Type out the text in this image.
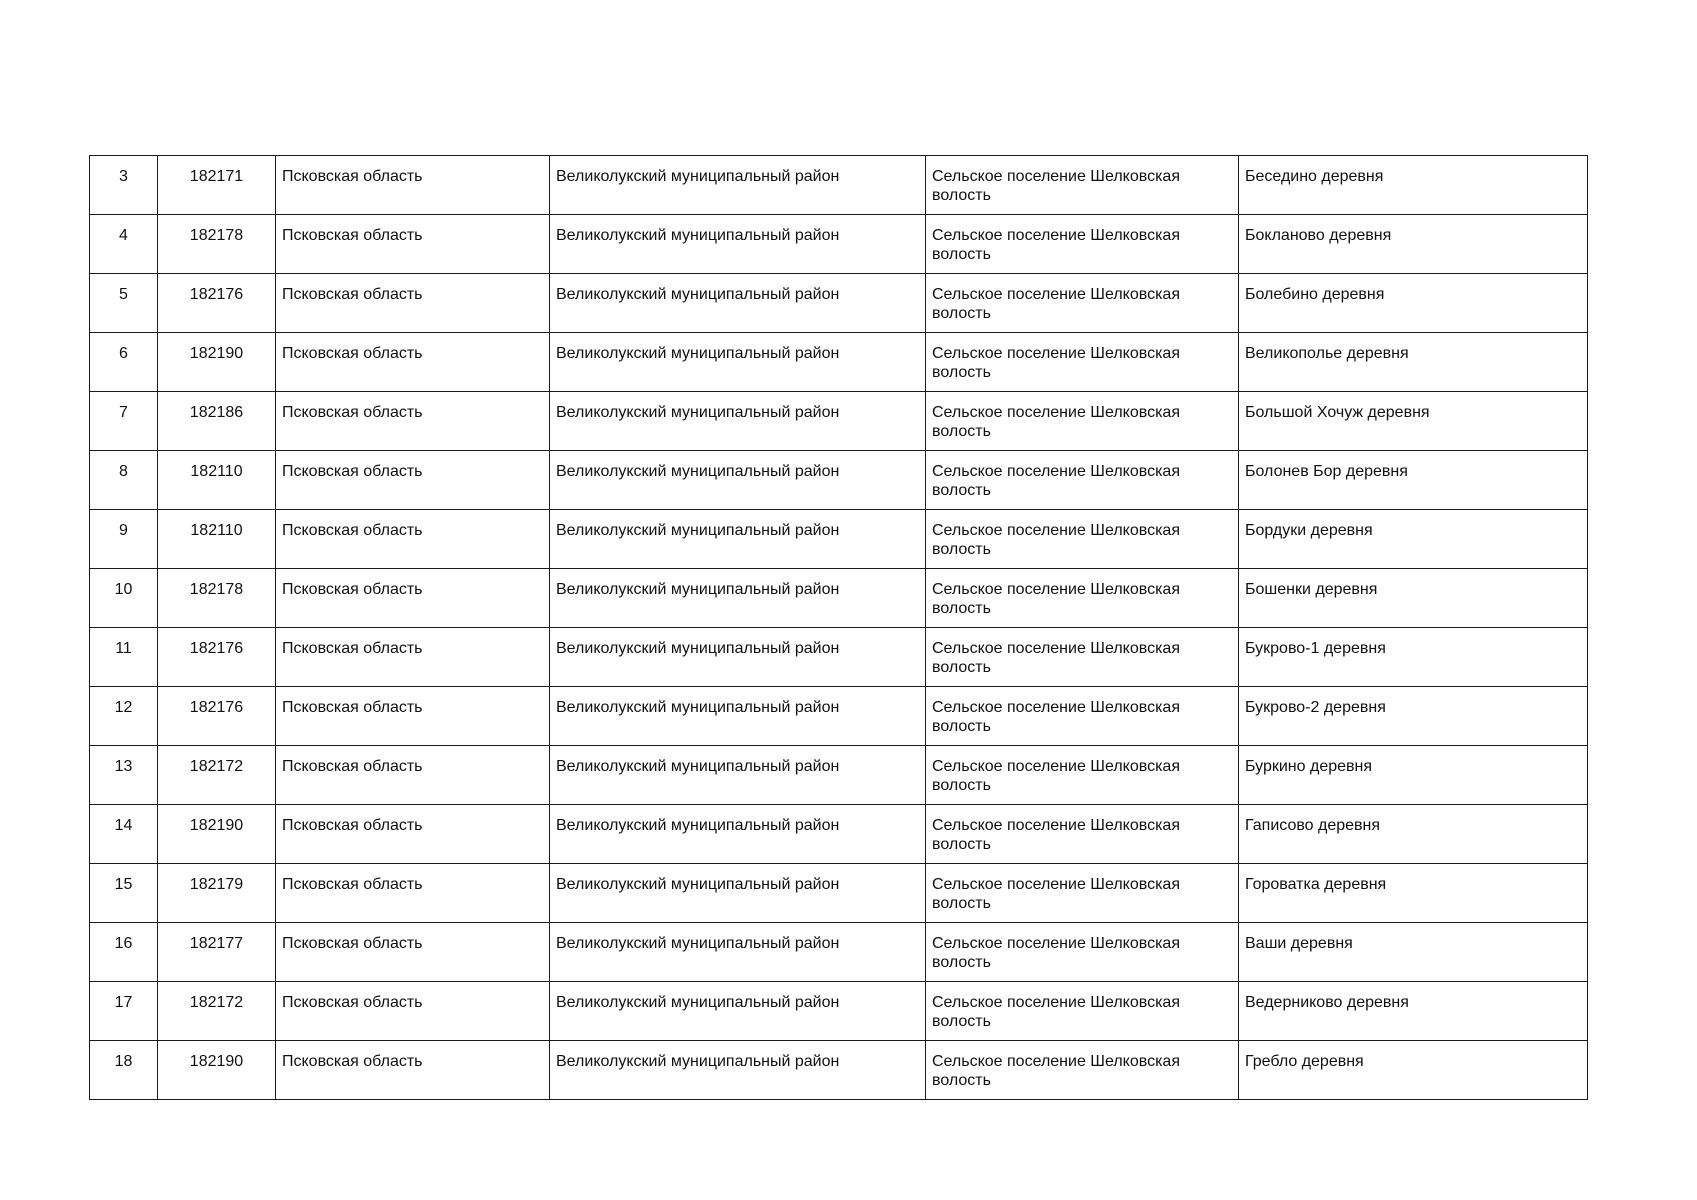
3	182171	Псковская область	Великолукский муниципальный район	Сельское поселение Шелковская волость	Беседино деревня
4	182178	Псковская область	Великолукский муниципальный район	Сельское поселение Шелковская волость	Бокланово деревня
5	182176	Псковская область	Великолукский муниципальный район	Сельское поселение Шелковская волость	Болебино деревня
6	182190	Псковская область	Великолукский муниципальный район	Сельское поселение Шелковская волость	Великополье деревня
7	182186	Псковская область	Великолукский муниципальный район	Сельское поселение Шелковская волость	Большой Хочуж деревня
8	182110	Псковская область	Великолукский муниципальный район	Сельское поселение Шелковская волость	Болонев Бор деревня
9	182110	Псковская область	Великолукский муниципальный район	Сельское поселение Шелковская волость	Бордуки деревня
10	182178	Псковская область	Великолукский муниципальный район	Сельское поселение Шелковская волость	Бошенки деревня
11	182176	Псковская область	Великолукский муниципальный район	Сельское поселение Шелковская волость	Букрово-1 деревня
12	182176	Псковская область	Великолукский муниципальный район	Сельское поселение Шелковская волость	Букрово-2 деревня
13	182172	Псковская область	Великолукский муниципальный район	Сельское поселение Шелковская волость	Буркино деревня
14	182190	Псковская область	Великолукский муниципальный район	Сельское поселение Шелковская волость	Гаписово деревня
15	182179	Псковская область	Великолукский муниципальный район	Сельское поселение Шелковская волость	Гороватка деревня
16	182177	Псковская область	Великолукский муниципальный район	Сельское поселение Шелковская волость	Ваши деревня
17	182172	Псковская область	Великолукский муниципальный район	Сельское поселение Шелковская волость	Ведерниково деревня
18	182190	Псковская область	Великолукский муниципальный район	Сельское поселение Шелковская волость	Гребло деревня
